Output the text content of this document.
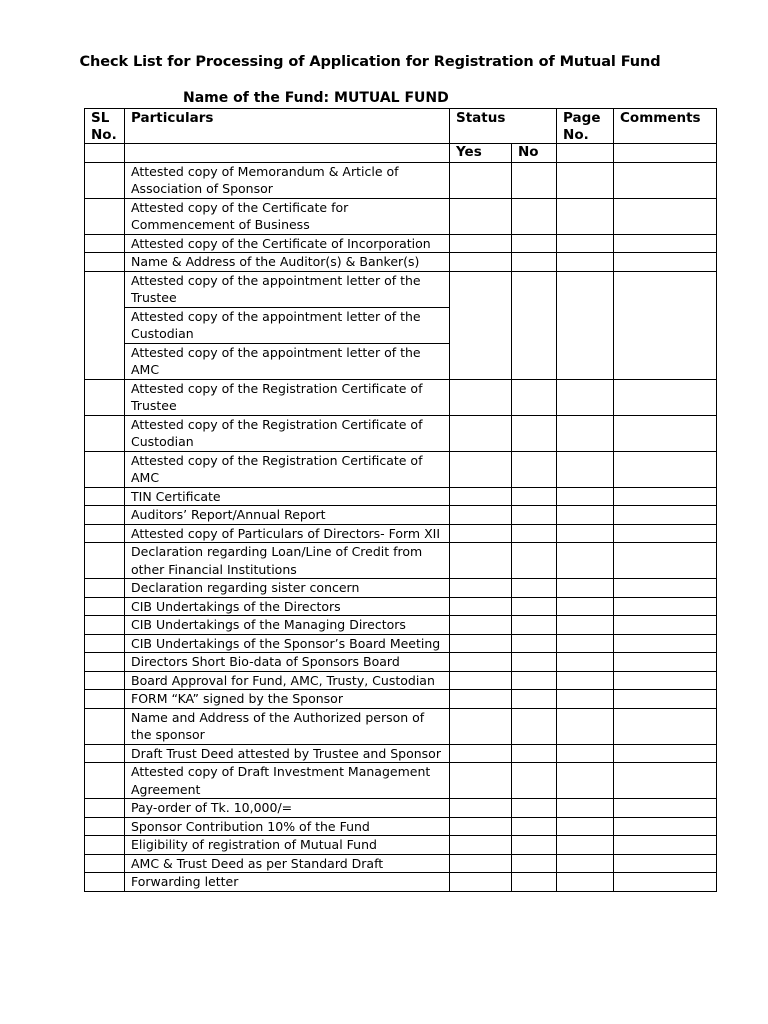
Check List for Processing of Application for Registration of Mutual Fund
Name of the Fund: MUTUAL FUND
SL No.	Particulars	Status		Page No.	Comments
		Yes	No		
	Attested copy of Memorandum & Article of Association of Sponsor				
	Attested copy of the Certificate for Commencement of Business				
	Attested copy of the Certificate of Incorporation				
	Name & Address of the Auditor(s) & Banker(s)				
	Attested copy of the appointment letter of the Trustee				
	Attested copy of the appointment letter of the Custodian				
	Attested copy of the appointment letter of the AMC				
	Attested copy of the Registration Certificate of Trustee				
	Attested copy of the Registration Certificate of Custodian				
	Attested copy of the Registration Certificate of AMC				
	TIN Certificate				
	Auditors’ Report/Annual Report				
	Attested copy of Particulars of Directors- Form XII				
	Declaration regarding Loan/Line of Credit from other Financial Institutions				
	Declaration regarding sister concern				
	CIB Undertakings of the Directors				
	CIB Undertakings of the Managing Directors				
	CIB Undertakings of the Sponsor’s Board Meeting				
	Directors Short Bio-data of Sponsors Board				
	Board Approval for Fund, AMC, Trusty, Custodian				
	FORM “KA” signed by the Sponsor				
	Name and Address of the Authorized person of the sponsor				
	Draft Trust Deed attested by Trustee and Sponsor				
	Attested copy of Draft Investment Management Agreement				
	Pay-order of Tk. 10,000/=				
	Sponsor Contribution 10% of the Fund				
	Eligibility of registration of Mutual Fund				
	AMC & Trust Deed as per Standard Draft				
	Forwarding letter				
